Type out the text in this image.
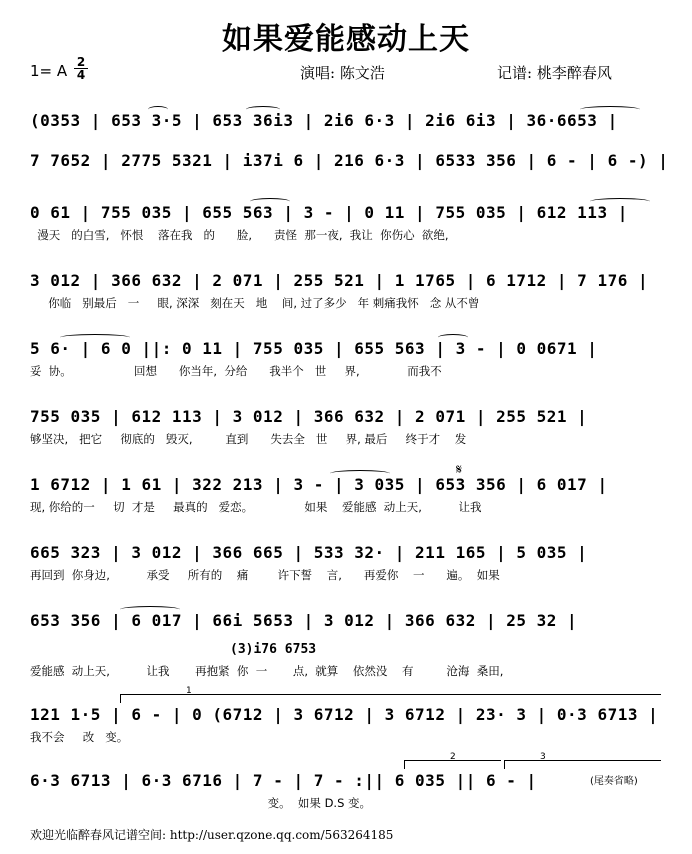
如果爱能感动上天
1= A 2
4	演唱: 陈文浩	记谱: 桃李醉春风
(0353 | 653 3·5 | 653 36i3 | 2i6 6·3 | 2i6 6i3 | 36·6653 |
7 7652 | 2775 5321 | i37i 6 | 216 6·3 | 6533 356 | 6 - | 6 -) |
0 61 | 755 035 | 655 563 | 3 - | 0 11 | 755 035 | 612 113 |
漫天   的白雪,   怀恨    落在我   的      脸,      责怪  那一夜,  我让  你伤心  欲绝,
3 012 | 366 632 | 2 071 | 255 521 | 1 1765 | 6 1712 | 7 176 |
你临   别最后   一     眼, 深深   刻在天   地    间, 过了多少   年 刺痛我怀   念 从不曾
5 6· | 6 0 ||: 0 11 | 755 035 | 655 563 | 3 - | 0 0671 |
妥  协。                 回想      你当年,  分给      我半个   世     界,             而我不
755 035 | 612 113 | 3 012 | 366 632 | 2 071 | 255 521 |
够坚决,   把它     彻底的   毁灭,         直到      失去全   世     界, 最后     终于才    发
1 6712 | 1 61 | 322 213 | 3 - | 3 035 | 653 356 | 6 017 |
现, 你给的一     切  才是     最真的   爱恋。              如果    爱能感  动上天,          让我
𝄋
665 323 | 3 012 | 366 665 | 533 32· | 211 165 | 5 035 |
再回到  你身边,          承受     所有的    痛        许下誓    言,      再爱你    一      遍。  如果
653 356 | 6 017 | 66i 5653 | 3 012 | 366 632 | 25 32 |
爱能感  动上天,          让我       再抱紧  你  一       点,  就算    依然没    有         沧海  桑田,
(3)i76 6753
121 1·5 | 6 - | 0 (6712 | 3 6712 | 3 6712 | 23· 3 | 0·3 6713 |
我不会     改   变。
1
6·3 6713 | 6·3 6716 | 7 - | 7 - :|| 6 035 || 6 - |
变。  如果 D.S 变。
2	3
(尾奏省略)
欢迎光临醉春风记谱空间: http://user.qzone.qq.com/563264185
